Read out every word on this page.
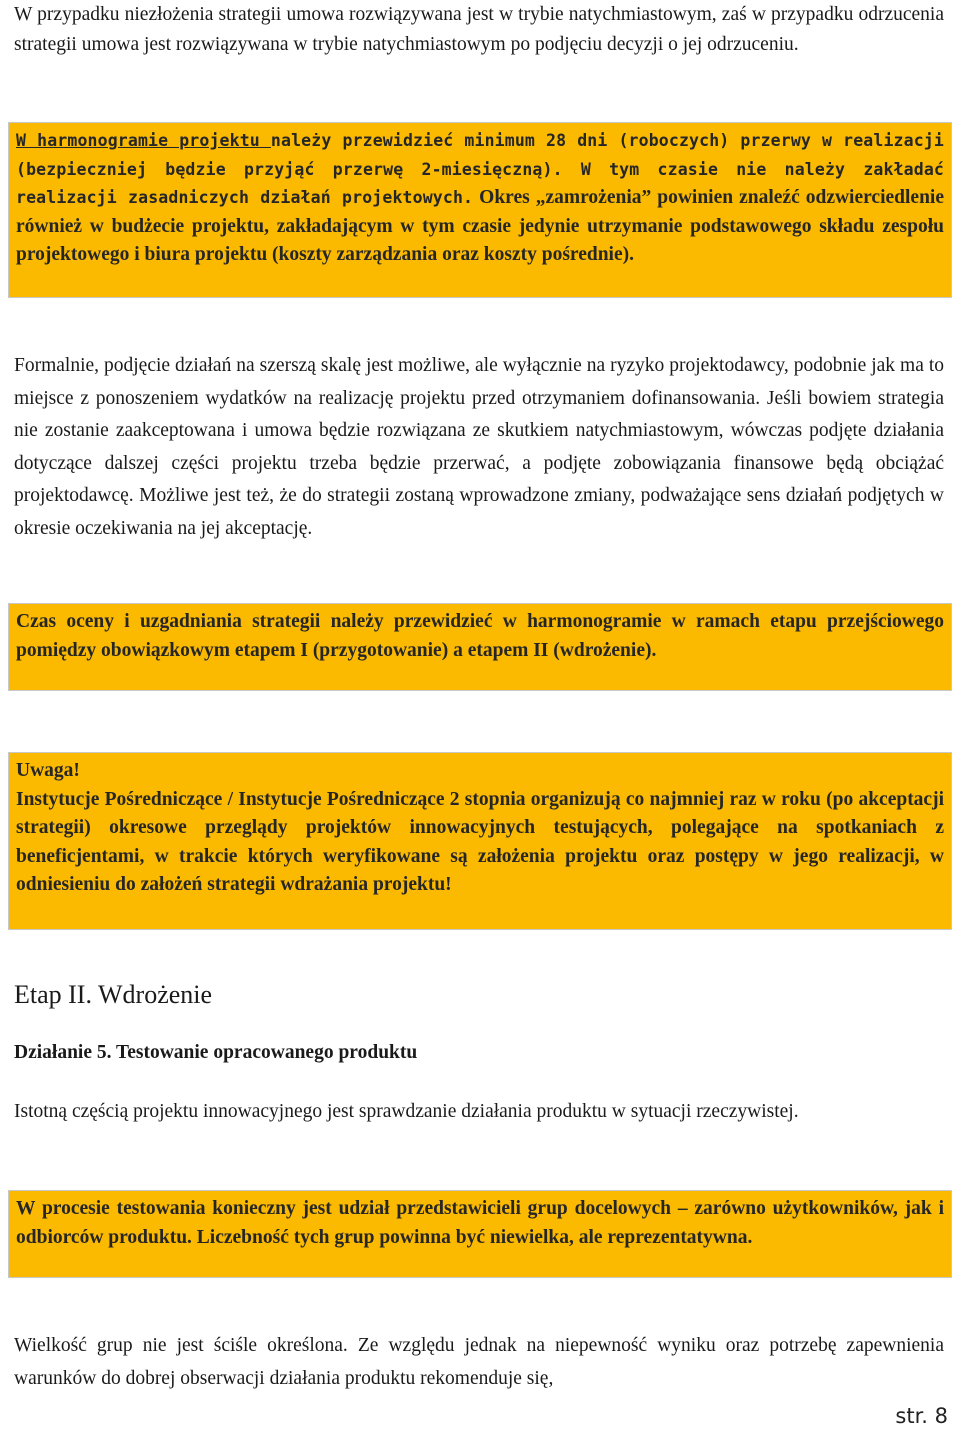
W przypadku niezłożenia strategii umowa rozwiązywana jest w trybie natychmiastowym, zaś w przypadku odrzucenia strategii umowa jest rozwiązywana w trybie natychmiastowym po podjęciu decyzji o jej odrzuceniu.

W harmonogramie projektu należy przewidzieć minimum 28 dni (roboczych) przerwy w realizacji (bezpieczniej będzie przyjąć przerwę 2-miesięczną). W tym czasie nie należy zakładać realizacji zasadniczych działań projektowych. Okres „zamrożenia” powinien znaleźć odzwierciedlenie również w budżecie projektu, zakładającym w tym czasie jedynie utrzymanie podstawowego składu zespołu projektowego i biura projektu (koszty zarządzania oraz koszty pośrednie).

Formalnie, podjęcie działań na szerszą skalę jest możliwe, ale wyłącznie na ryzyko projektodawcy, podobnie jak ma to miejsce z ponoszeniem wydatków na realizację projektu przed otrzymaniem dofinansowania. Jeśli bowiem strategia nie zostanie zaakceptowana i umowa będzie rozwiązana ze skutkiem natychmiastowym, wówczas podjęte działania dotyczące dalszej części projektu trzeba będzie przerwać, a podjęte zobowiązania finansowe będą obciążać projektodawcę. Możliwe jest też, że do strategii zostaną wprowadzone zmiany, podważające sens działań podjętych w okresie oczekiwania na jej akceptację.

Czas oceny i uzgadniania strategii należy przewidzieć w harmonogramie w ramach etapu przejściowego pomiędzy obowiązkowym etapem I (przygotowanie) a etapem II (wdrożenie).

Uwaga!

Instytucje Pośredniczące / Instytucje Pośredniczące 2 stopnia organizują co najmniej raz w roku (po akceptacji strategii) okresowe przeglądy projektów innowacyjnych testujących, polegające na spotkaniach z beneficjentami, w trakcie których weryfikowane są założenia projektu oraz postępy w jego realizacji, w odniesieniu do założeń strategii wdrażania projektu!

Etap II. Wdrożenie
Działanie 5. Testowanie opracowanego produktu

Istotną częścią projektu innowacyjnego jest sprawdzanie działania produktu w sytuacji rzeczywistej.

W procesie testowania konieczny jest udział przedstawicieli grup docelowych – zarówno użytkowników, jak i odbiorców produktu. Liczebność tych grup powinna być niewielka, ale reprezentatywna.

Wielkość grup nie jest ściśle określona. Ze względu jednak na niepewność wyniku oraz potrzebę zapewnienia warunków do dobrej obserwacji działania produktu rekomenduje się,

str. 8
